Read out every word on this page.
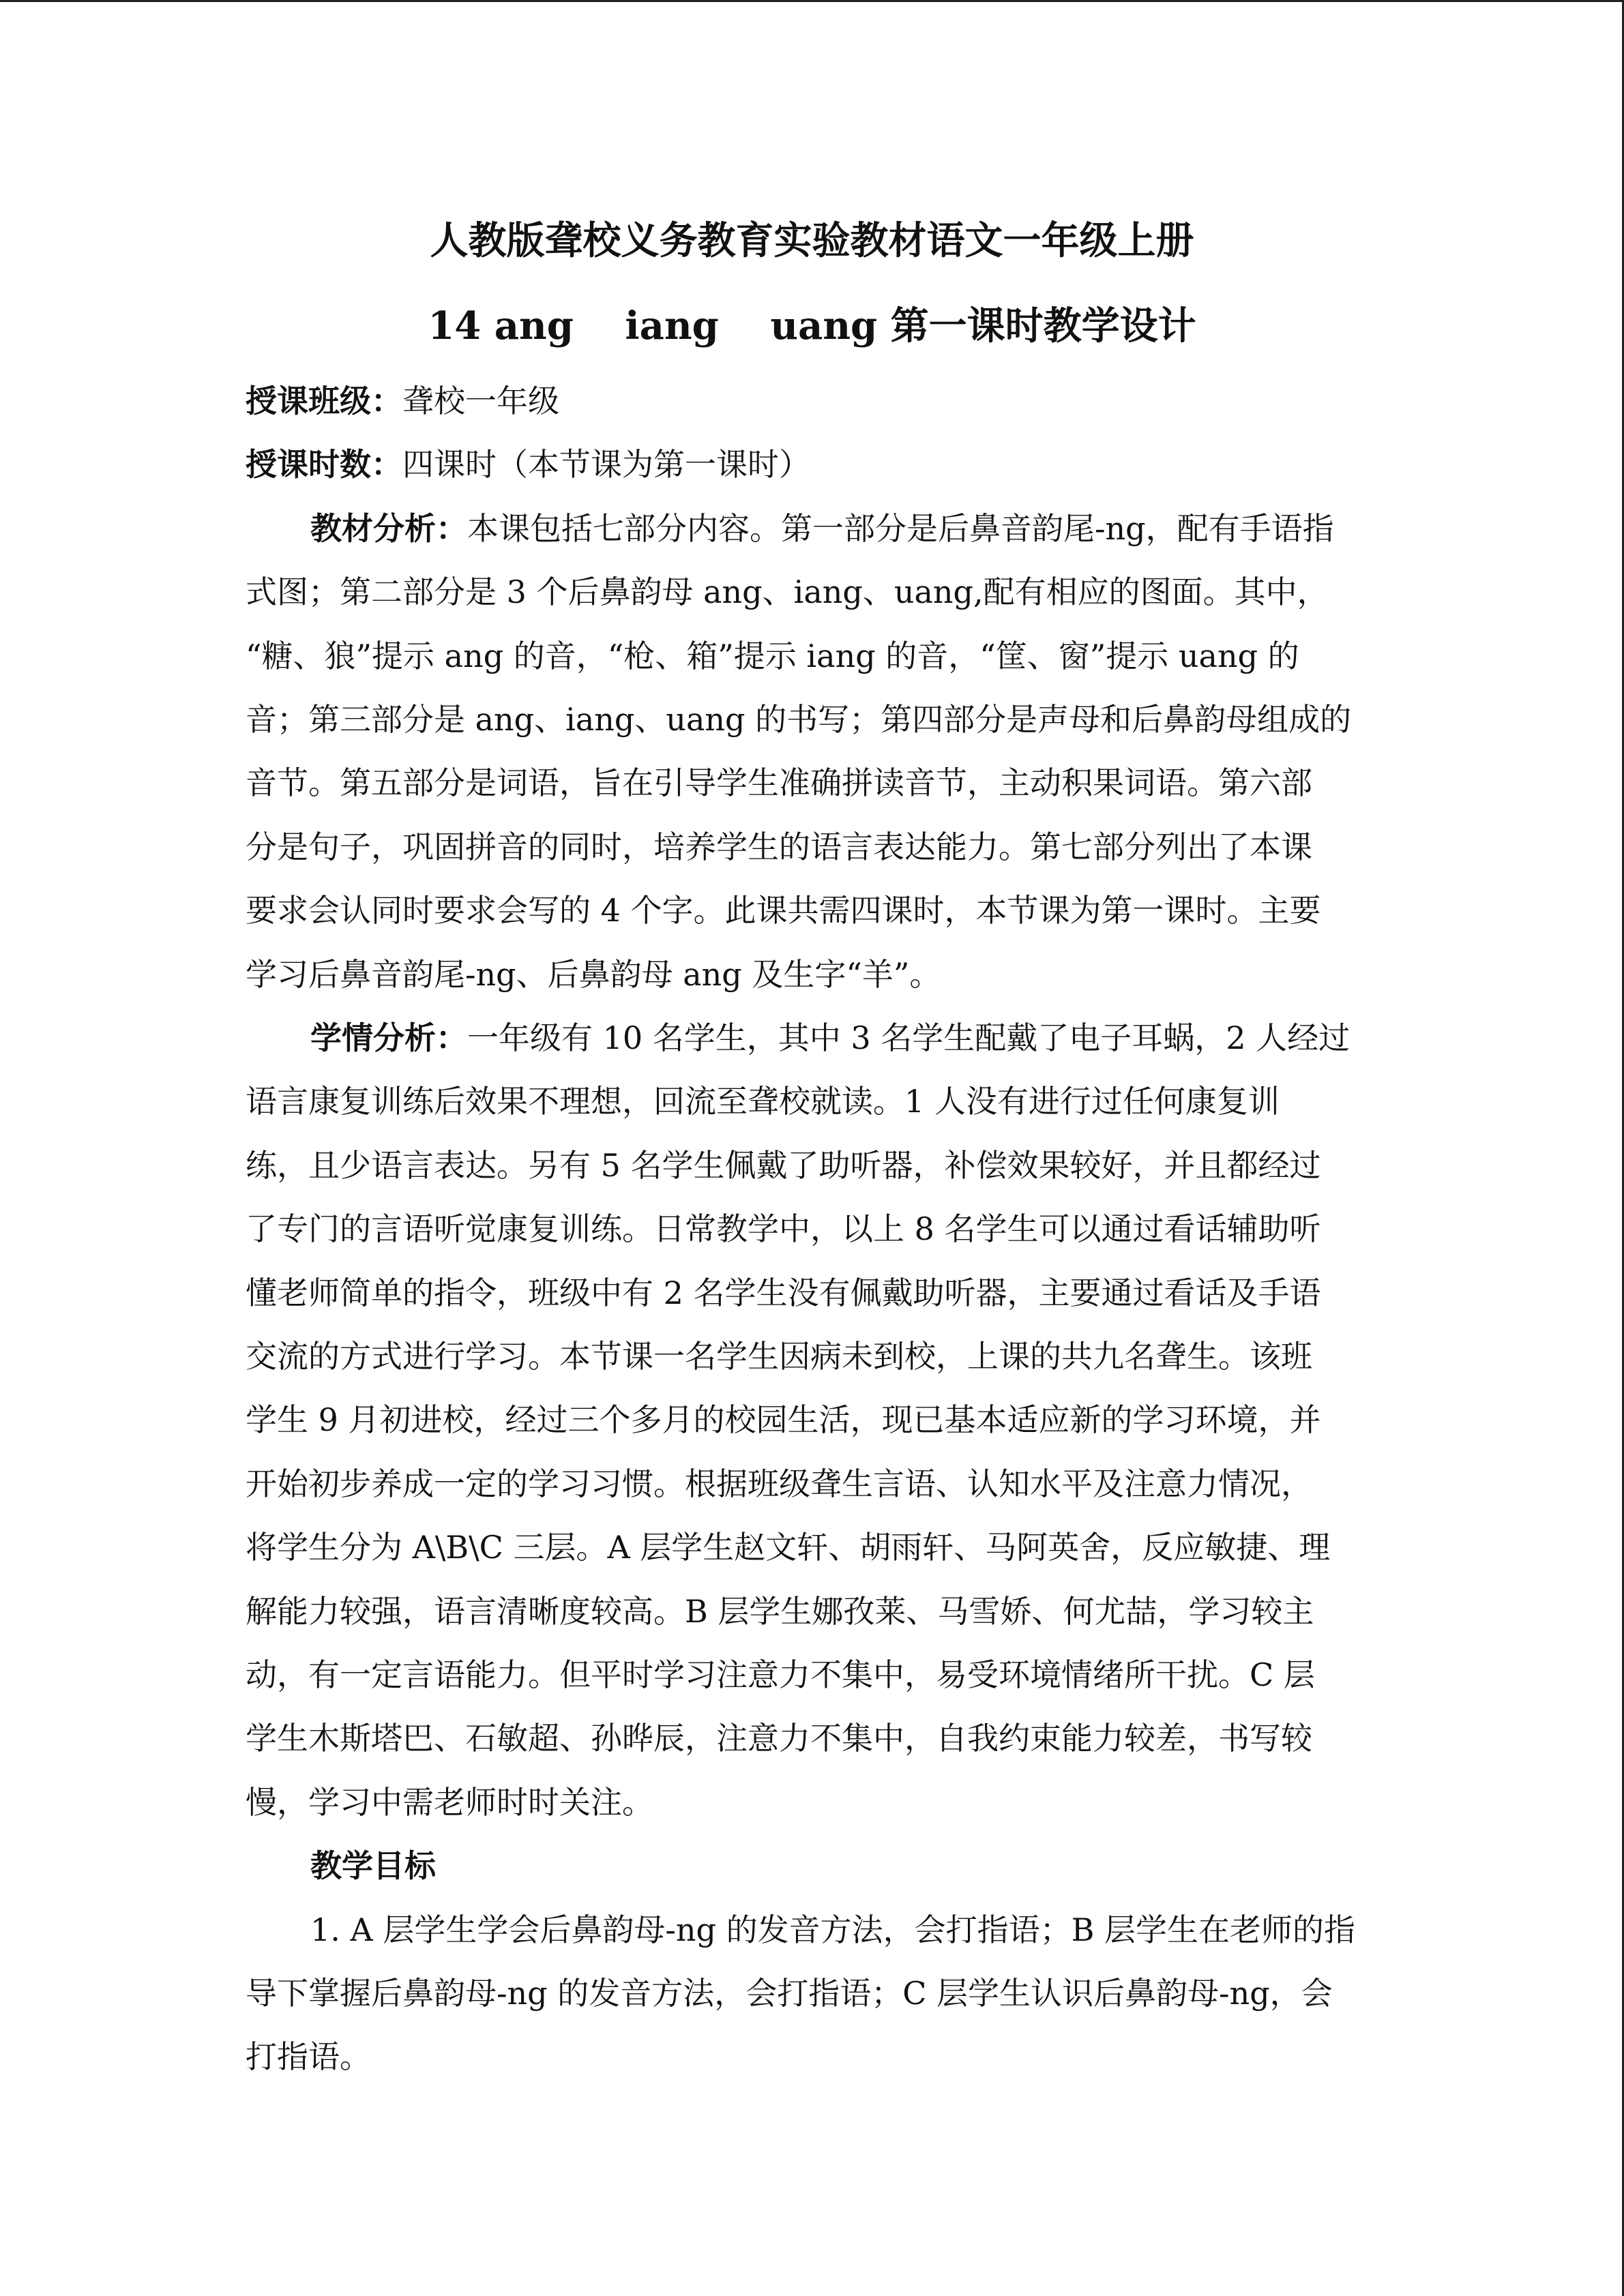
人教版聋校义务教育实验教材语文一年级上册
14 ang　 iang　 uang 第一课时教学设计
授课班级：聋校一年级
授课时数：四课时（本节课为第一课时）
教材分析：本课包括七部分内容。第一部分是后鼻音韵尾-ng，配有手语指
式图；第二部分是 3 个后鼻韵母 ang、iang、uang,配有相应的图面。其中，
“糖、狼”提示 ang 的音，“枪、箱”提示 iang 的音，“筐、窗”提示 uang 的
音；第三部分是 ang、iang、uang 的书写；第四部分是声母和后鼻韵母组成的
音节。第五部分是词语，旨在引导学生准确拼读音节，主动积果词语。第六部
分是句子，巩固拼音的同时，培养学生的语言表达能力。第七部分列出了本课
要求会认同时要求会写的 4 个字。此课共需四课时，本节课为第一课时。主要
学习后鼻音韵尾-ng、后鼻韵母 ang 及生字“羊”。
学情分析：一年级有 10 名学生，其中 3 名学生配戴了电子耳蜗，2 人经过
语言康复训练后效果不理想，回流至聋校就读。1 人没有进行过任何康复训
练，且少语言表达。另有 5 名学生佩戴了助听器，补偿效果较好，并且都经过
了专门的言语听觉康复训练。日常教学中，以上 8 名学生可以通过看话辅助听
懂老师简单的指令，班级中有 2 名学生没有佩戴助听器，主要通过看话及手语
交流的方式进行学习。本节课一名学生因病未到校，上课的共九名聋生。该班
学生 9 月初进校，经过三个多月的校园生活，现已基本适应新的学习环境，并
开始初步养成一定的学习习惯。根据班级聋生言语、认知水平及注意力情况，
将学生分为 A\B\C 三层。A 层学生赵文轩、胡雨轩、马阿英舍，反应敏捷、理
解能力较强，语言清晰度较高。B 层学生娜孜莱、马雪娇、何尤喆，学习较主
动，有一定言语能力。但平时学习注意力不集中，易受环境情绪所干扰。C 层
学生木斯塔巴、石敏超、孙晔辰，注意力不集中，自我约束能力较差，书写较
慢，学习中需老师时时关注。
教学目标
1. A 层学生学会后鼻韵母-ng 的发音方法，会打指语；B 层学生在老师的指
导下掌握后鼻韵母-ng 的发音方法，会打指语；C 层学生认识后鼻韵母-ng，会
打指语。
